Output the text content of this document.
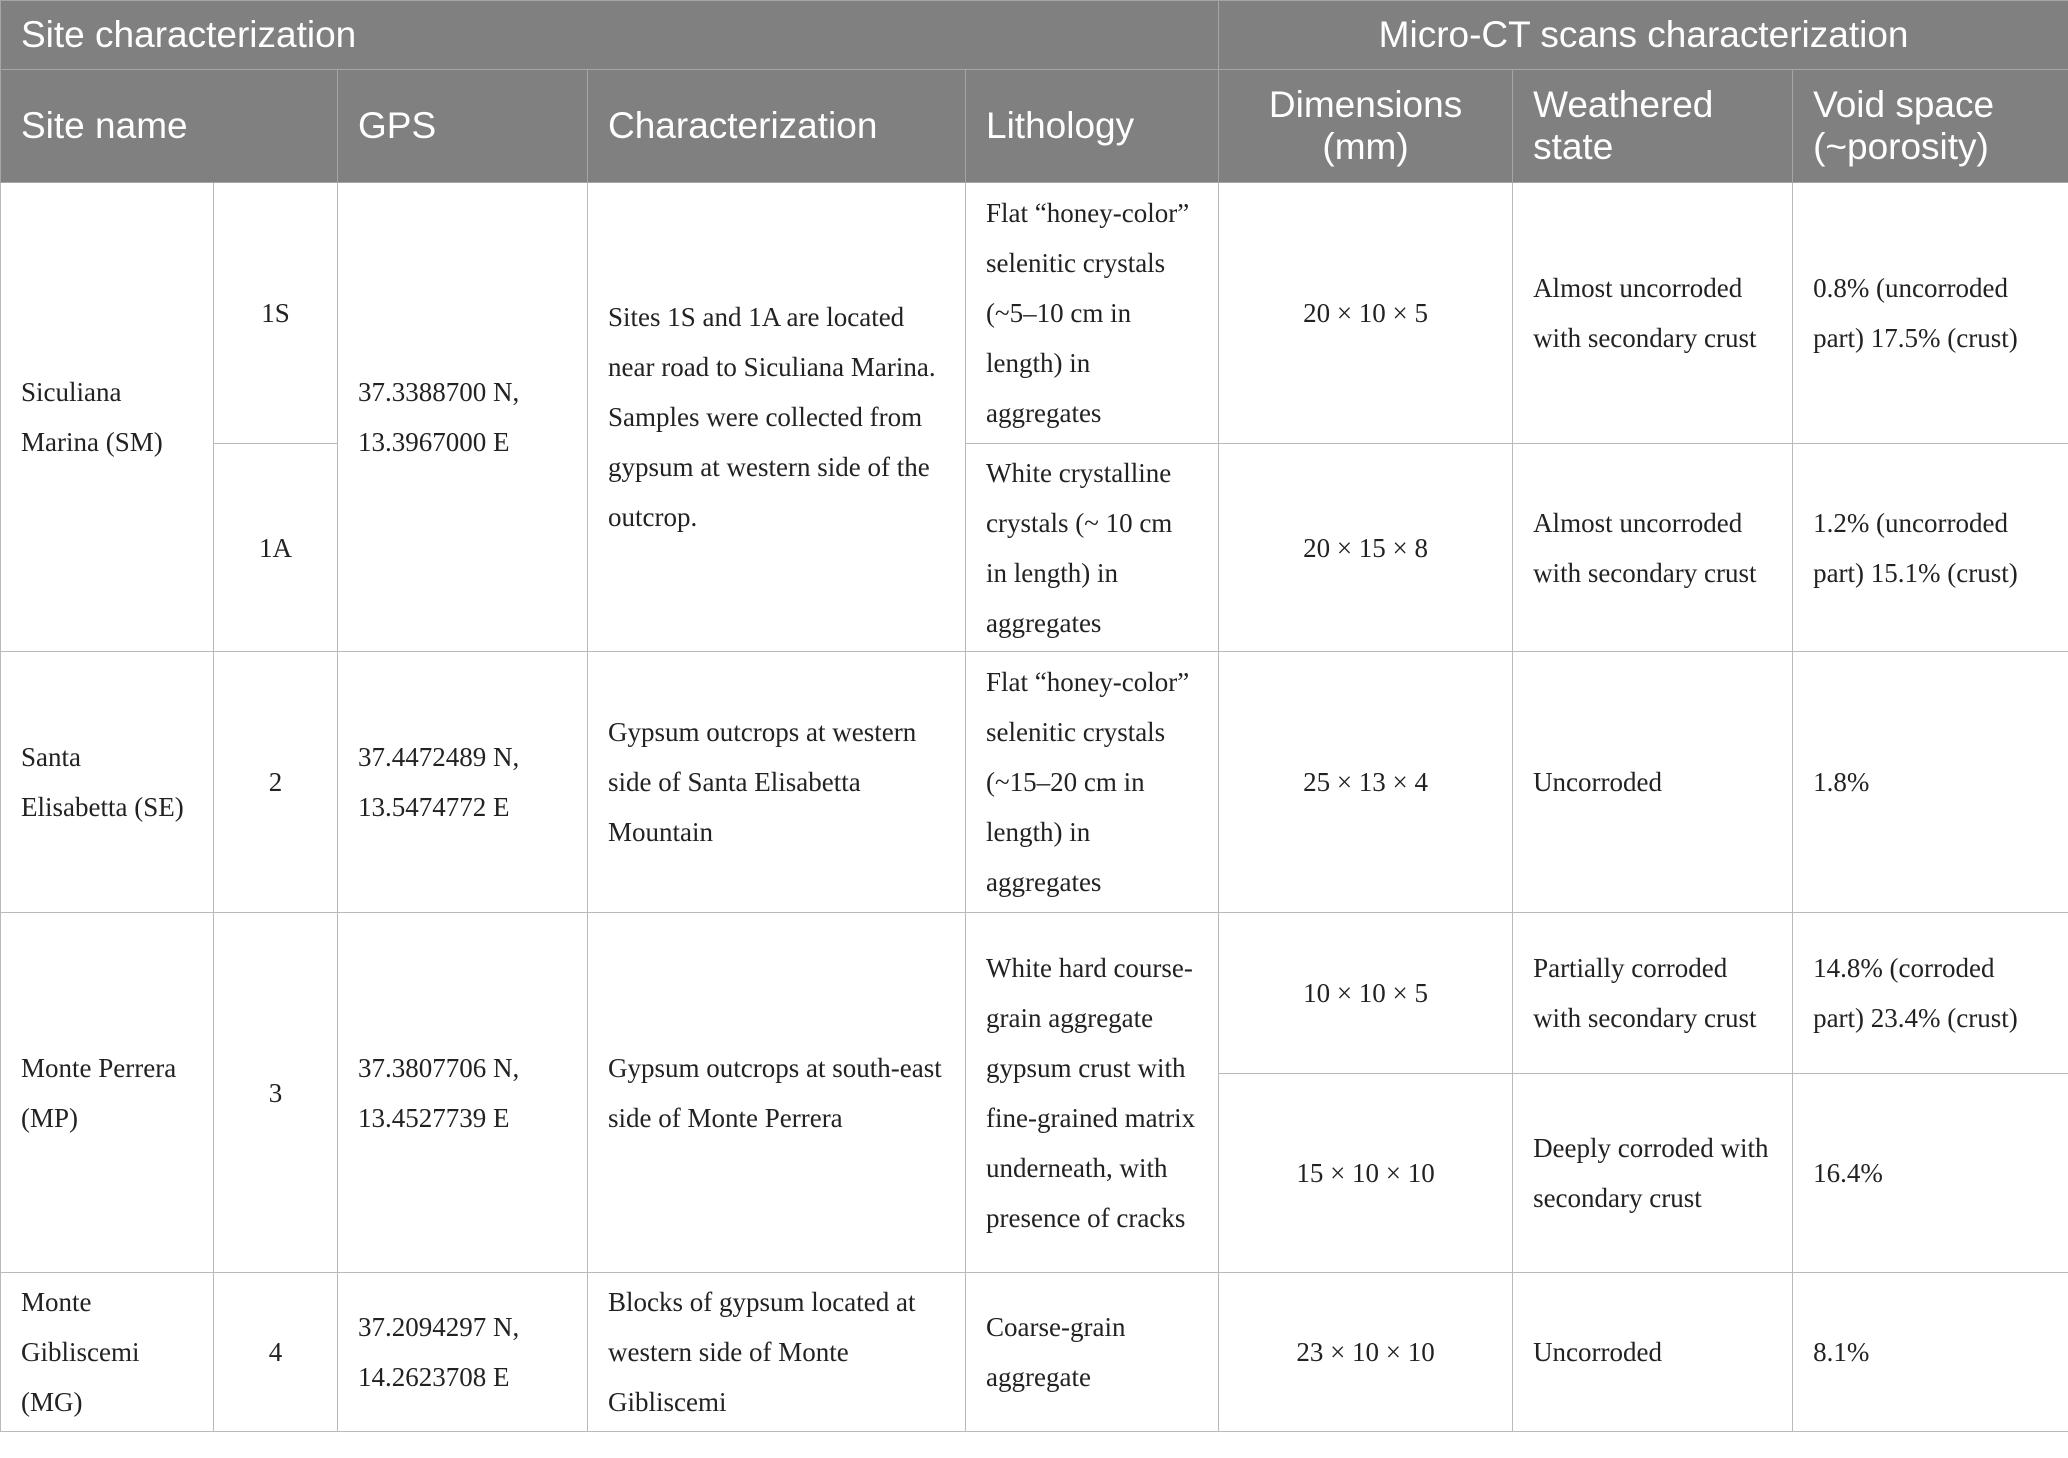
Site characterization					Micro-CT scans characterization		
Site name		GPS	Characterization	Lithology	Dimensions (mm)	Weathered state	Void space (~porosity)
Siculiana Marina (SM)	1S	37.3388700 N, 13.3967000 E	Sites 1S and 1A are located near road to Siculiana Marina. Samples were collected from gypsum at western side of the outcrop.	Flat “honey-color” selenitic crystals (~5–10 cm in length) in aggregates	20 × 10 × 5	Almost uncorroded with secondary crust	0.8% (uncorroded part) 17.5% (crust)
	1A			White crystalline crystals (~ 10 cm in length) in aggregates	20 × 15 × 8	Almost uncorroded with secondary crust	1.2% (uncorroded part) 15.1% (crust)
Santa Elisabetta (SE)	2	37.4472489 N, 13.5474772 E	Gypsum outcrops at western side of Santa Elisabetta Mountain	Flat “honey-color” selenitic crystals (~15–20 cm in length) in aggregates	25 × 13 × 4	Uncorroded	1.8%
Monte Perrera (MP)	3	37.3807706 N, 13.4527739 E	Gypsum outcrops at south-east side of Monte Perrera	White hard course-grain aggregate gypsum crust with fine-grained matrix underneath, with presence of cracks	10 × 10 × 5	Partially corroded with secondary crust	14.8% (corroded part) 23.4% (crust)
					15 × 10 × 10	Deeply corroded with secondary crust	16.4%
Monte Gibliscemi (MG)	4	37.2094297 N, 14.2623708 E	Blocks of gypsum located at western side of Monte Gibliscemi	Coarse-grain aggregate	23 × 10 × 10	Uncorroded	8.1%
